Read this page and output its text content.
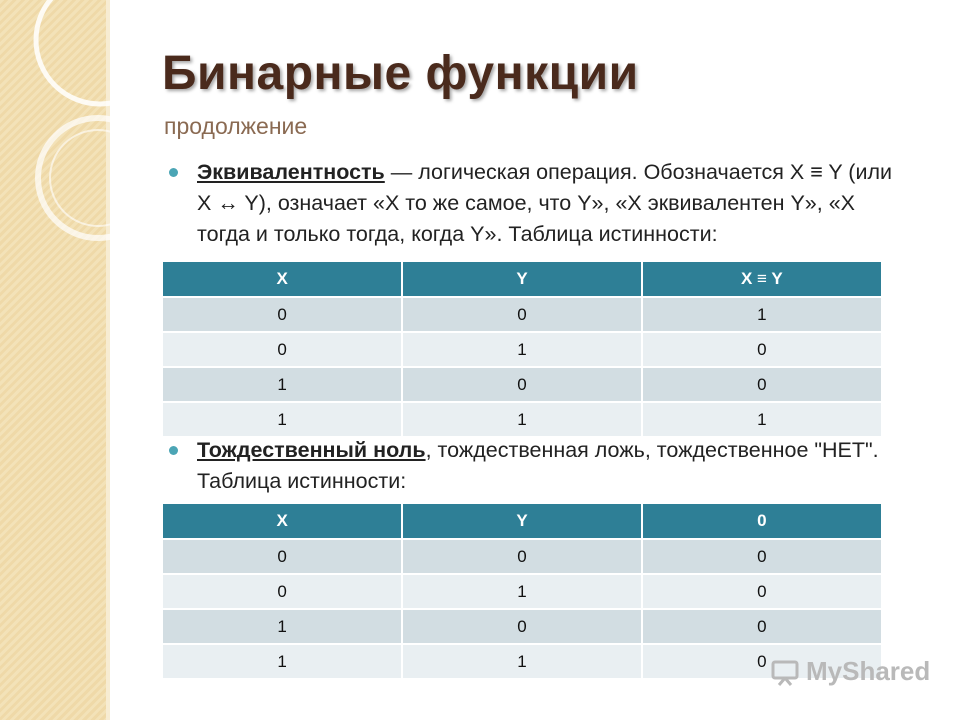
Бинарные функции
продолжение
Эквивалентность — логическая операция. Обозначается X ≡ Y (или X ↔ Y), означает «X то же самое, что Y», «X эквивалентен Y», «X тогда и только тогда, когда Y». Таблица истинности:
X	Y	X ≡ Y
0	0	1
0	1	0
1	0	0
1	1	1
Тождественный ноль, тождественная ложь, тождественное "НЕТ". Таблица истинности:
X	Y	0
0	0	0
0	1	0
1	0	0
1	1	0 MyShared
